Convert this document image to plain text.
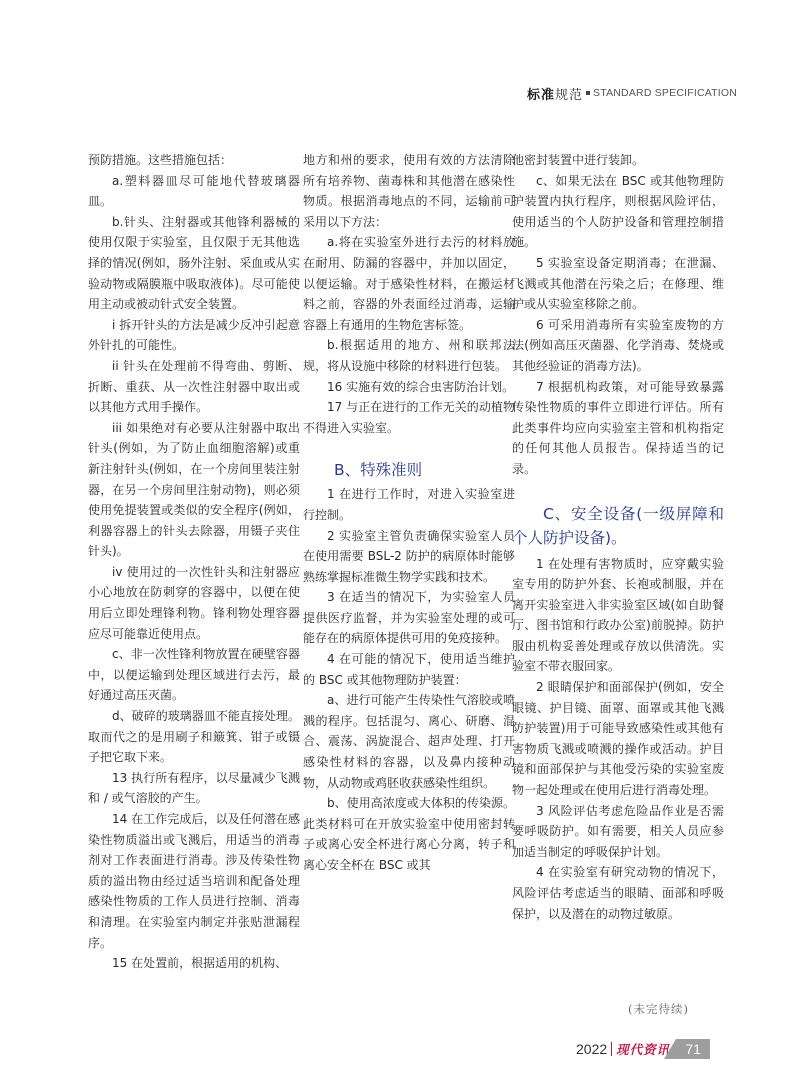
标准 规范 STANDARD SPECIFICATION

预防措施。这些措施包括：

a.塑料器皿尽可能地代替玻璃器皿。

b.针头、注射器或其他锋利器械的使用仅限于实验室，且仅限于无其他选择的情况(例如，肠外注射、采血或从实验动物或隔膜瓶中吸取液体)。尽可能使用主动或被动针式安全装置。

i 拆开针头的方法是减少反冲引起意外针扎的可能性。

ii 针头在处理前不得弯曲、剪断、折断、重获、从一次性注射器中取出或以其他方式用手操作。

iii 如果绝对有必要从注射器中取出针头(例如，为了防止血细胞溶解)或重新注射针头(例如，在一个房间里装注射器，在另一个房间里注射动物)，则必须使用免提装置或类似的安全程序(例如，利器容器上的针头去除器，用镊子夹住针头)。

iv 使用过的一次性针头和注射器应小心地放在防刺穿的容器中，以便在使用后立即处理锋利物。锋利物处理容器应尽可能靠近使用点。

c、非一次性锋利物放置在硬壁容器中，以便运输到处理区域进行去污，最好通过高压灭菌。

d、破碎的玻璃器皿不能直接处理。取而代之的是用刷子和簸箕、钳子或镊子把它取下来。

13 执行所有程序，以尽量减少飞溅和 / 或气溶胶的产生。

14 在工作完成后，以及任何潜在感染性物质溢出或飞溅后，用适当的消毒剂对工作表面进行消毒。涉及传染性物质的溢出物由经过适当培训和配备处理感染性物质的工作人员进行控制、消毒和清理。在实验室内制定并张贴泄漏程序。

15 在处置前，根据适用的机构、

地方和州的要求，使用有效的方法清除所有培养物、菌毒株和其他潜在感染性物质。根据消毒地点的不同，运输前可采用以下方法：

a.将在实验室外进行去污的材料放在耐用、防漏的容器中，并加以固定，以便运输。对于感染性材料，在搬运材料之前，容器的外表面经过消毒，运输容器上有通用的生物危害标签。

b.根据适用的地方、州和联邦法规，将从设施中移除的材料进行包装。

16 实施有效的综合虫害防治计划。

17 与正在进行的工作无关的动植物不得进入实验室。

B、特殊准则

1 在进行工作时，对进入实验室进行控制。

2 实验室主管负责确保实验室人员在使用需要 BSL-2 防护的病原体时能够熟练掌握标准微生物学实践和技术。

3 在适当的情况下，为实验室人员提供医疗监督，并为实验室处理的或可能存在的病原体提供可用的免疫接种。

4 在可能的情况下，使用适当维护的 BSC 或其他物理防护装置：

a、进行可能产生传染性气溶胶或喷溅的程序。包括混匀、离心、研磨、混合、震荡、涡旋混合、超声处理、打开感染性材料的容器，以及鼻内接种动物，从动物或鸡胚收获感染性组织。

b、使用高浓度或大体积的传染源。此类材料可在开放实验室中使用密封转子或离心安全杯进行离心分离，转子和离心安全杯在 BSC 或其

他密封装置中进行装卸。

c、如果无法在 BSC 或其他物理防护装置内执行程序，则根据风险评估，使用适当的个人防护设备和管理控制措施。

5 实验室设备定期消毒；在泄漏、飞溅或其他潜在污染之后；在修理、维护或从实验室移除之前。

6 可采用消毒所有实验室废物的方法(例如高压灭菌器、化学消毒、焚烧或其他经验证的消毒方法)。

7 根据机构政策，对可能导致暴露传染性物质的事件立即进行评估。所有此类事件均应向实验室主管和机构指定的任何其他人员报告。保持适当的记录。

C、安全设备(一级屏障和个人防护设备)。

1 在处理有害物质时，应穿戴实验室专用的防护外套、长袍或制服，并在离开实验室进入非实验室区域(如自助餐厅、图书馆和行政办公室)前脱掉。防护服由机构妥善处理或存放以供清洗。实验室不带衣服回家。

2 眼睛保护和面部保护(例如，安全眼镜、护目镜、面罩、面罩或其他飞溅防护装置)用于可能导致感染性或其他有害物质飞溅或喷溅的操作或活动。护目镜和面部保护与其他受污染的实验室废物一起处理或在使用后进行消毒处理。

3 风险评估考虑危险品作业是否需要呼吸防护。如有需要，相关人员应参加适当制定的呼吸保护计划。

4 在实验室有研究动物的情况下，风险评估考虑适当的眼睛、面部和呼吸保护，以及潜在的动物过敏原。

(未完待续)
2022 现代资讯	71
